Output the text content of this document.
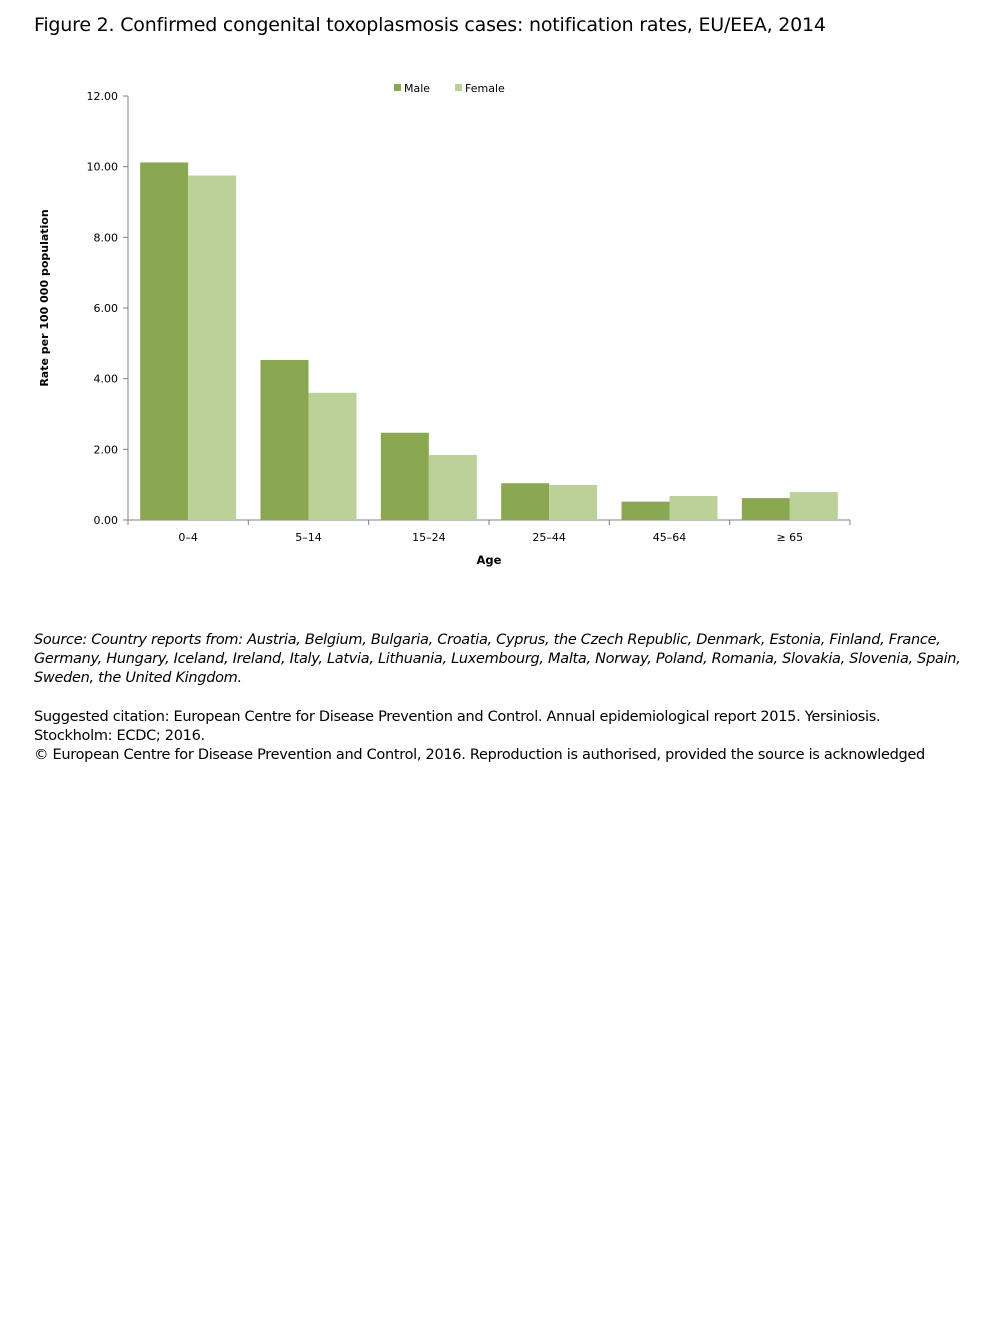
Figure 2. Confirmed congenital toxoplasmosis cases: notification rates, EU/EEA, 2014
0.00
2.00
4.00
6.00
8.00
10.00
12.00
0–4	5–14	15–24	25–44	45–64	≥ 65
Age
Rate per 100 000 population
Male	Female
Source: Country reports from: Austria, Belgium, Bulgaria, Croatia, Cyprus, the Czech Republic, Denmark, Estonia, Finland, France, Germany, Hungary, Iceland, Ireland, Italy, Latvia, Lithuania, Luxembourg, Malta, Norway, Poland, Romania, Slovakia, Slovenia, Spain, Sweden, the United Kingdom.
Suggested citation: European Centre for Disease Prevention and Control. Annual epidemiological report 2015. Yersiniosis.
Stockholm: ECDC; 2016.
© European Centre for Disease Prevention and Control, 2016. Reproduction is authorised, provided the source is acknowledged
